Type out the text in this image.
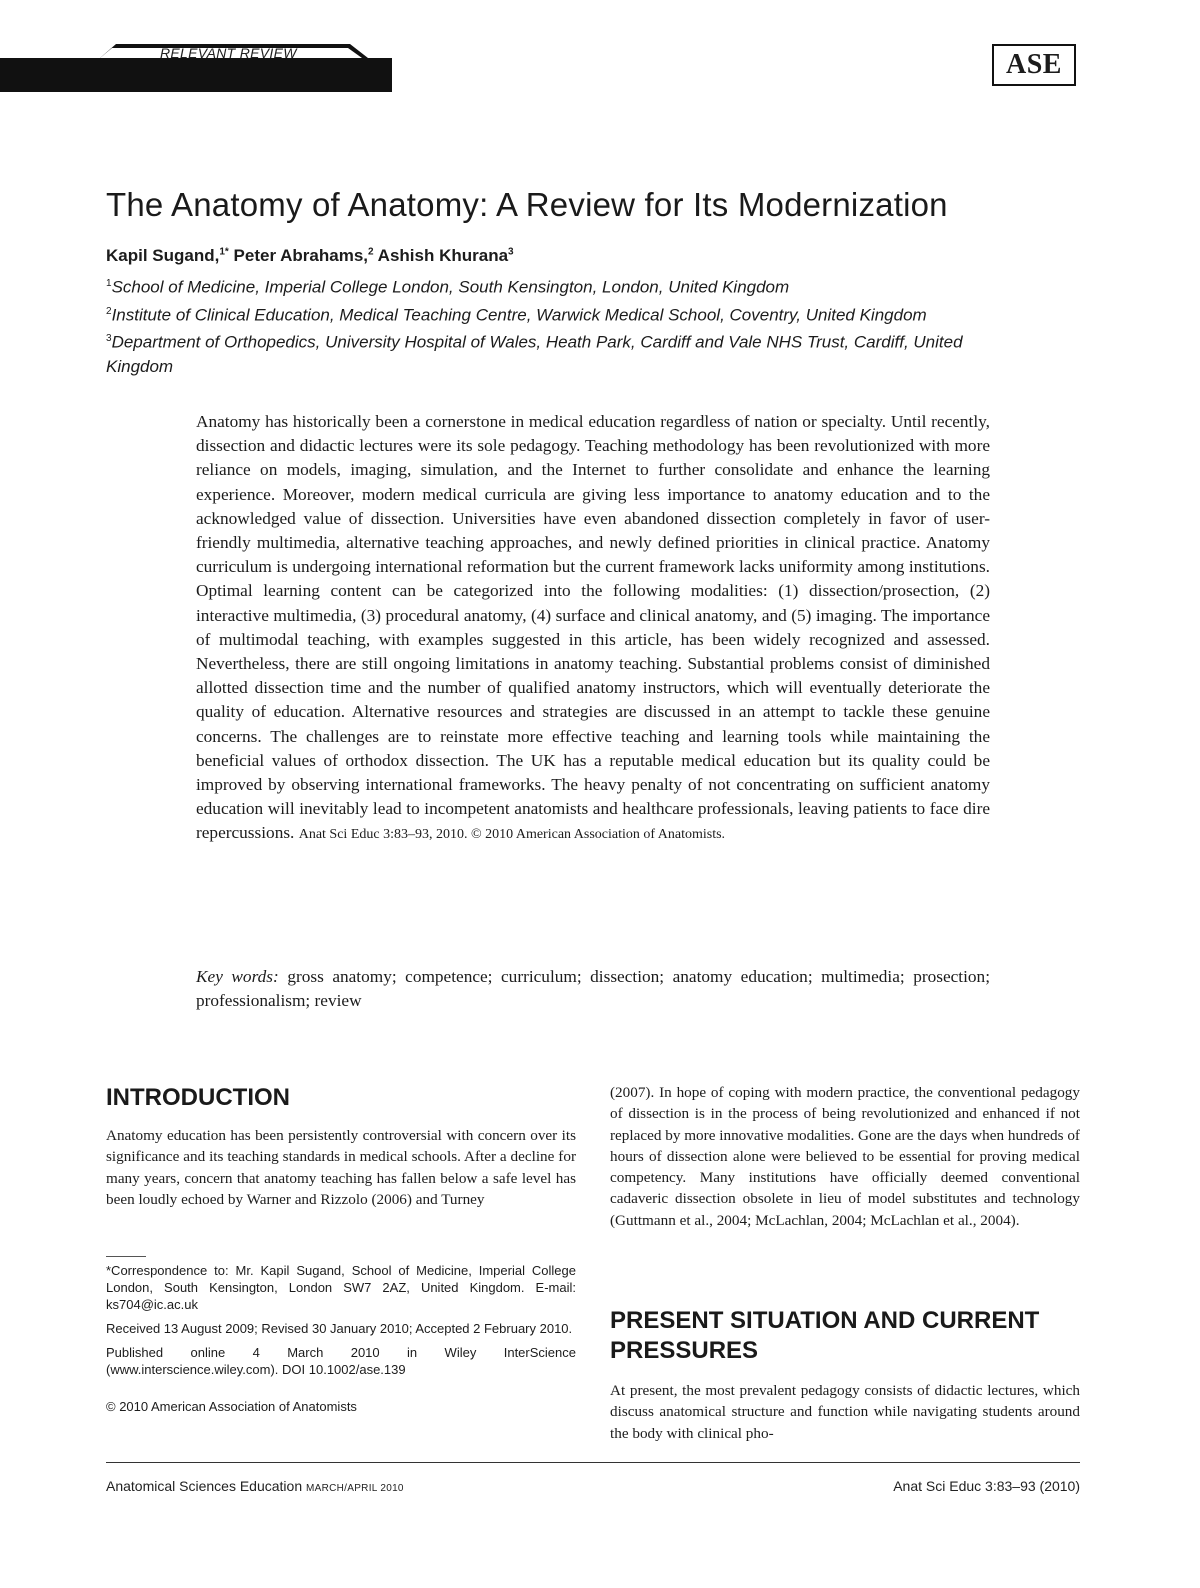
RELEVANT REVIEW	ASE
The Anatomy of Anatomy: A Review for Its Modernization
Kapil Sugand,$^{1*}$ Peter Abrahams,$^2$ Ashish Khurana$^3$
$^1$School of Medicine, Imperial College London, South Kensington, London, United Kingdom
$^2$Institute of Clinical Education, Medical Teaching Centre, Warwick Medical School, Coventry, United Kingdom
$^3$Department of Orthopedics, University Hospital of Wales, Heath Park, Cardiff and Vale NHS Trust, Cardiff, United Kingdom
Anatomy has historically been a cornerstone in medical education regardless of nation or specialty. Until recently, dissection and didactic lectures were its sole pedagogy. Teaching methodology has been revolutionized with more reliance on models, imaging, simulation, and the Internet to further consolidate and enhance the learning experience. Moreover, modern medical curricula are giving less importance to anatomy education and to the acknowledged value of dissection. Universities have even abandoned dissection completely in favor of user-friendly multimedia, alternative teaching approaches, and newly defined priorities in clinical practice. Anatomy curriculum is undergoing international reformation but the current framework lacks uniformity among institutions. Optimal learning content can be categorized into the following modalities: (1) dissection/prosection, (2) interactive multimedia, (3) procedural anatomy, (4) surface and clinical anatomy, and (5) imaging. The importance of multimodal teaching, with examples suggested in this article, has been widely recognized and assessed. Nevertheless, there are still ongoing limitations in anatomy teaching. Substantial problems consist of diminished allotted dissection time and the number of qualified anatomy instructors, which will eventually deteriorate the quality of education. Alternative resources and strategies are discussed in an attempt to tackle these genuine concerns. The challenges are to reinstate more effective teaching and learning tools while maintaining the beneficial values of orthodox dissection. The UK has a reputable medical education but its quality could be improved by observing international frameworks. The heavy penalty of not concentrating on sufficient anatomy education will inevitably lead to incompetent anatomists and healthcare professionals, leaving patients to face dire repercussions. Anat Sci Educ 3:83–93, 2010. © 2010 American Association of Anatomists.
Key words: gross anatomy; competence; curriculum; dissection; anatomy education; multimedia; prosection; professionalism; review
INTRODUCTION

Anatomy education has been persistently controversial with concern over its significance and its teaching standards in medical schools. After a decline for many years, concern that anatomy teaching has fallen below a safe level has been loudly echoed by Warner and Rizzolo (2006) and Turney

*Correspondence to: Mr. Kapil Sugand, School of Medicine, Imperial College London, South Kensington, London SW7 2AZ, United Kingdom. E-mail: ks704@ic.ac.uk

Received 13 August 2009; Revised 30 January 2010; Accepted 2 February 2010.

Published online 4 March 2010 in Wiley InterScience (www.interscience.wiley.com). DOI 10.1002/ase.139

© 2010 American Association of Anatomists

(2007). In hope of coping with modern practice, the conventional pedagogy of dissection is in the process of being revolutionized and enhanced if not replaced by more innovative modalities. Gone are the days when hundreds of hours of dissection alone were believed to be essential for proving medical competency. Many institutions have officially deemed conventional cadaveric dissection obsolete in lieu of model substitutes and technology (Guttmann et al., 2004; McLachlan, 2004; McLachlan et al., 2004).

PRESENT SITUATION AND CURRENT PRESSURES

At present, the most prevalent pedagogy consists of didactic lectures, which discuss anatomical structure and function while navigating students around the body with clinical pho-

Anatomical Sciences Education MARCH/APRIL 2010	Anat Sci Educ 3:83–93 (2010)
